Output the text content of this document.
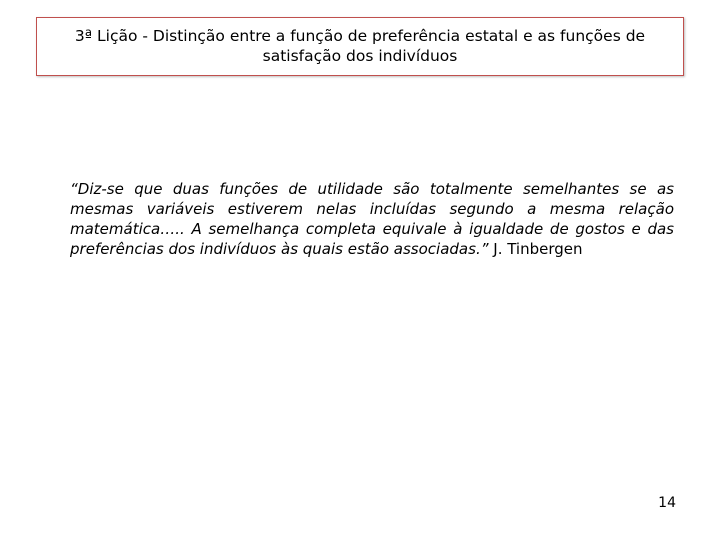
3ª Lição - Distinção entre a função de preferência estatal e as funções de satisfação dos indivíduos
“Diz-se que duas funções de utilidade são totalmente semelhantes se as mesmas variáveis estiverem nelas incluídas segundo a mesma relação matemática….. A semelhança completa equivale à igualdade de gostos e das preferências dos indivíduos às quais estão associadas.” J. Tinbergen
14
